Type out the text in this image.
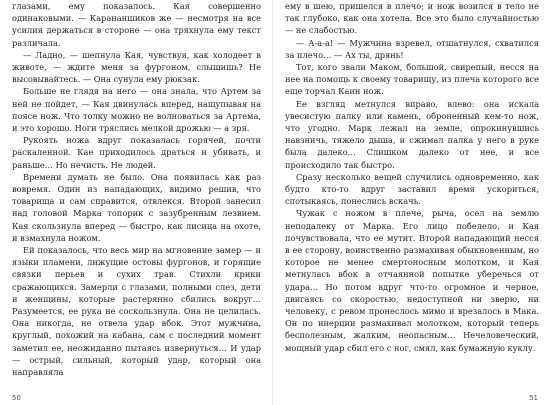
глазами, ему показалось. Кая совершенно одинаковыми. — Карананшиков же — несмотря на все усилия держаться в стороне — она тряхнула ему текст различала.

— Ладно, — шепнула Кая, чувствуя, как холодеет в животе, — ждите меня за фургоном, слышишь? Не высовывайтесь. — Она сунула ему рюкзак.

Больше не глядя на него — она знала, что Артем за ней не пойдет, — Кая двинулась вперед, нащупывая на поясе нож. Что толку можно не волноваться за Артема, и это хорошо. Ноги тряслись мелкой дрожью — а зря.

Рукоять ножа вдруг показалась горячей, почти раскаленной. Кае приходилось драться и убивать, и раньше… Но нечисть. Не людей.

Времени думать не было. Она появилась как раз вовремя. Один из нападающих, видимо решив, что товарища и сам справится, отвлекся. Второй занесил над головой Марка топорик с зазубренным лезвием. Кая скользнула вперед — быстро, как лисица на охоте, и взмахнула ножом.

Ей показалось, что весь мир на мгновение замер — и языки пламени, лижущие остовы фургонов, и горящие связки перьев и сухих трав. Стихли крики сражающихся. Замерли с глазами, полными слез, дети и женщины, которые растерянно сбились вокруг… Разумеется, ее рука не соскользнула. Она не целилась. Она никогда, не отвела удар вбок. Этот мужчина, круглый, похожий на кабана, сам с последний момент заметил ее, неожиданно пытаясь извернуться… И удар — острый, сильный, который удар, который она направляла

50

ему в шею, пришелся в плечо; и нож возился в тело не так глубоко, как она хотела. Все это было случайностью — не слабостью.

— А-а-а! — Мужчина взревел, отшатнулся, схватился за плечо… — Ах ты, дрянь!

Тот, кого звали Маком, большой, свирепый, несся на нее на помощь к своему товарищу, из плеча которого все еще торчал Каин нож.

Ее взгляд метнулся вправо, влево: она искала увесистую палку или камень, оброненный кем-то нож, что угодно. Марк лежал на земле, опрокинувшись навзничь, тяжело дыша, и сжимал палка у него в руке была далеко… Слишком далеко от нее, и все происходило так быстро.

Сразу несколько вещей случились одновременно, как будто кто-то вдруг заставил время ускориться, спотыкаясь, понеслись вскачь.

Чужак с ножом в плече, рыча, осел на землю неподалеку от Марка. Его лицо побелело, и Кая почувствовала, что ее мутит. Второй нападающий несся в ее сторону, воинственно размахивая обыкновенным, но которое не менее смертоносным молотком, и Кая метнулась вбок в отчаянной попытке уберечься от удара… Но потом вдруг что-то огромное и черное, двигаясь со скоростью, недоступной ни зверю, ни человеку, с ревом пронеслось мимо и врезалось в Мака. Он по инерции размахивал молотком, который теперь бесполезным, жалким, неопасным… Нечеловеческий, мощный удар сбил его с ног, смял, как бумажную куклу.

51
